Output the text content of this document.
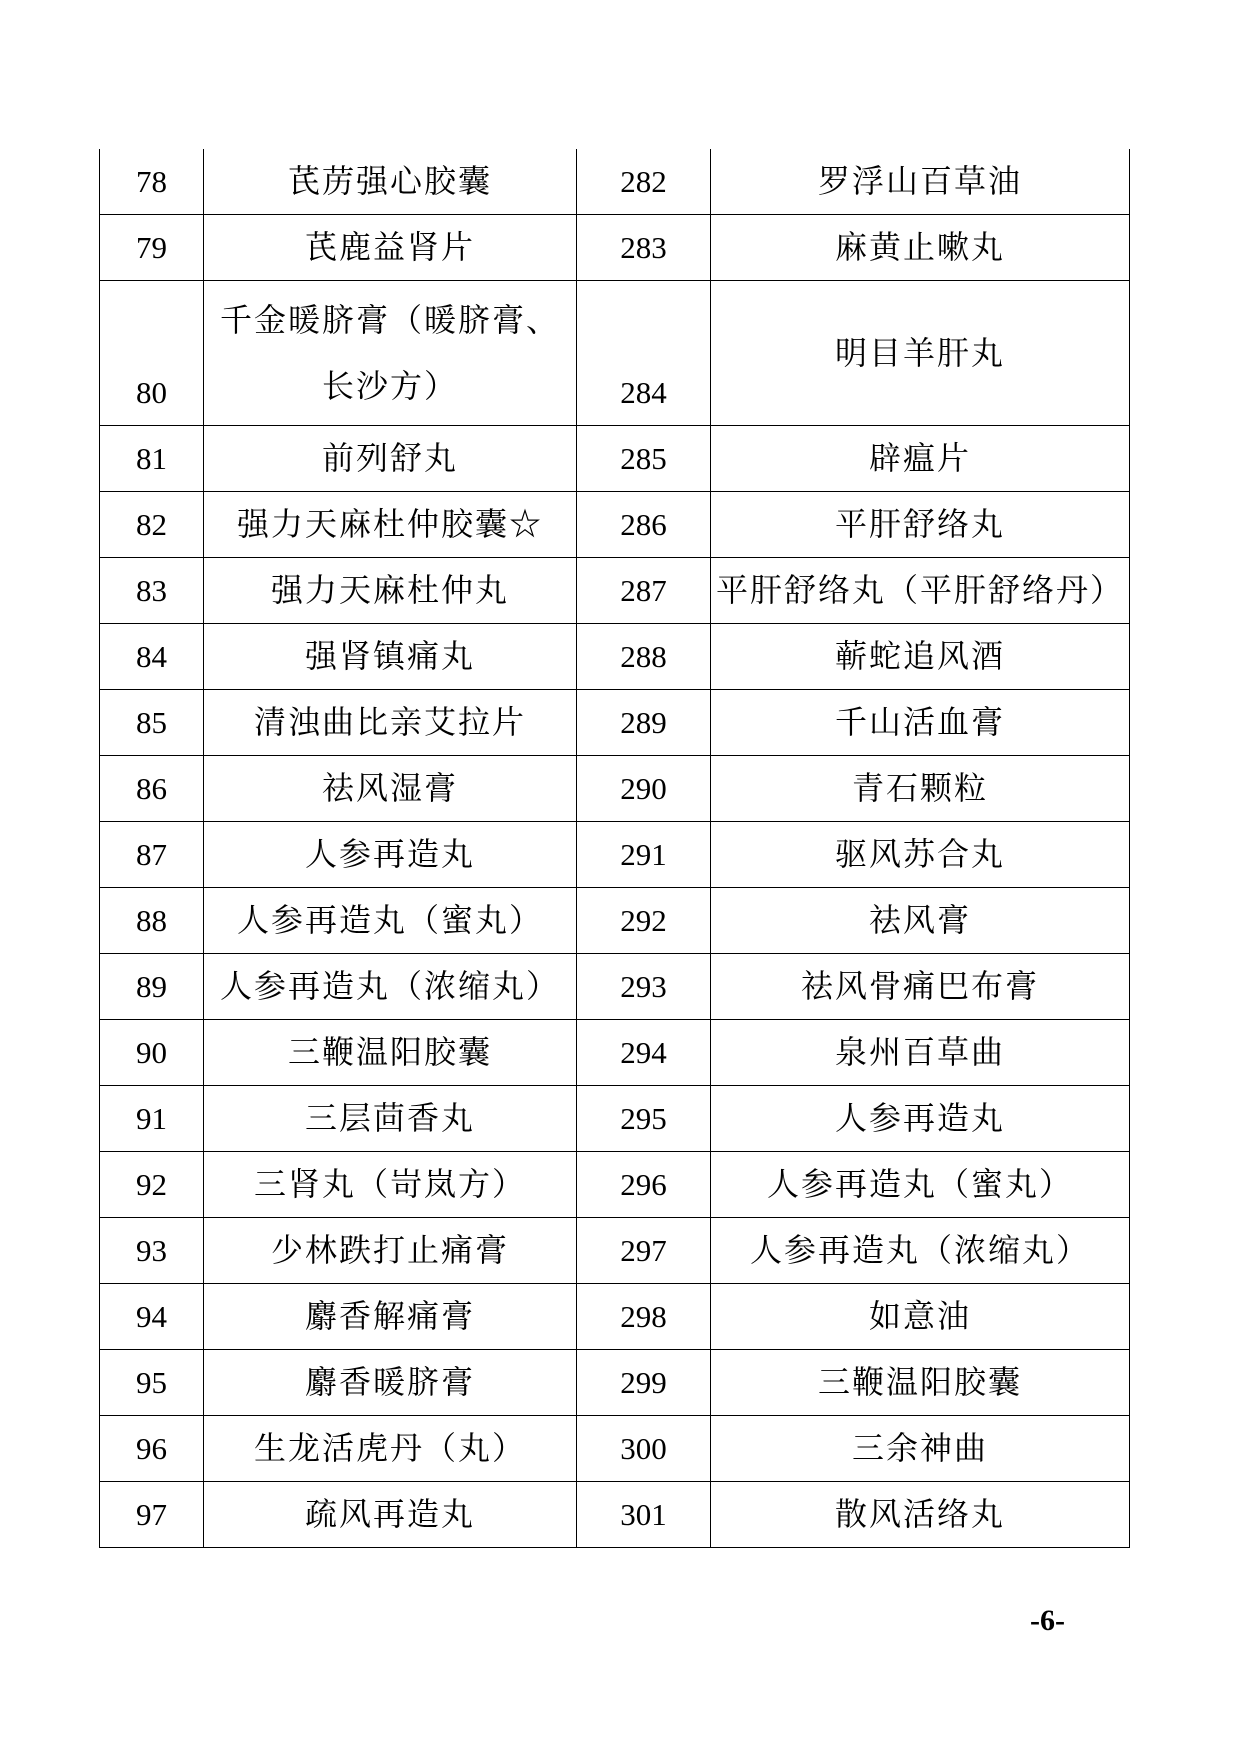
78	芪苈强心胶囊	282	罗浮山百草油
79	芪鹿益肾片	283	麻黄止嗽丸
80	千金暖脐膏（暖脐膏、长沙方）	284	明目羊肝丸
81	前列舒丸	285	辟瘟片
82	强力天麻杜仲胶囊☆	286	平肝舒络丸
83	强力天麻杜仲丸	287	平肝舒络丸（平肝舒络丹）
84	强肾镇痛丸	288	蕲蛇追风酒
85	清浊曲比亲艾拉片	289	千山活血膏
86	祛风湿膏	290	青石颗粒
87	人参再造丸	291	驱风苏合丸
88	人参再造丸（蜜丸）	292	祛风膏
89	人参再造丸（浓缩丸）	293	祛风骨痛巴布膏
90	三鞭温阳胶囊	294	泉州百草曲
91	三层茴香丸	295	人参再造丸
92	三肾丸（岢岚方）	296	人参再造丸（蜜丸）
93	少林跌打止痛膏	297	人参再造丸（浓缩丸）
94	麝香解痛膏	298	如意油
95	麝香暖脐膏	299	三鞭温阳胶囊
96	生龙活虎丹（丸）	300	三余神曲
97	疏风再造丸	301	散风活络丸
-6-
